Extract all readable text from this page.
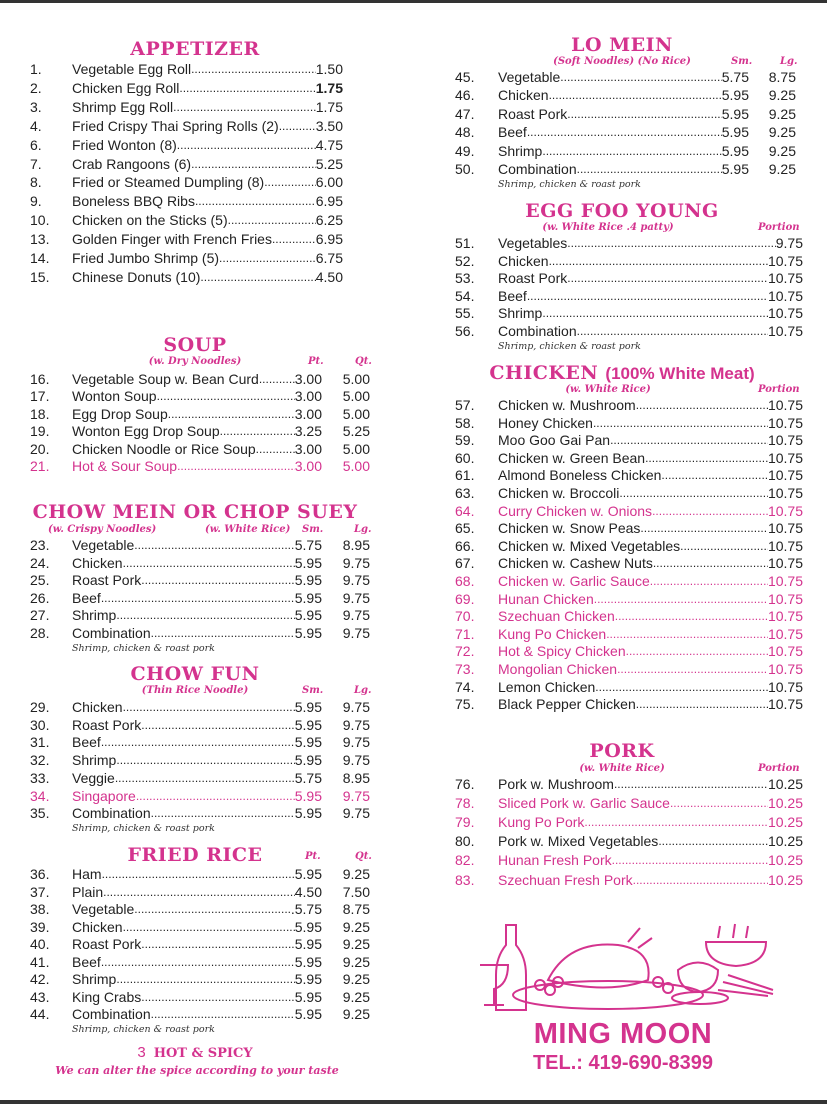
APPETIZER
1.	Vegetable Egg Roll .....	1.50
2.	Chicken Egg Roll .....	1.75
3.	Shrimp Egg Roll .....	1.75
4.	Fried Crispy Thai Spring Rolls (2) .....	3.50
6.	Fried Wonton (8) .....	4.75
7.	Crab Rangoons (6) .....	5.25
8.	Fried or Steamed Dumpling (8) .....	6.00
9.	Boneless BBQ Ribs .....	6.95
10.	Chicken on the Sticks (5) .....	6.25
13.	Golden Finger with French Fries .....	6.95
14.	Fried Jumbo Shrimp (5) .....	6.75
15.	Chinese Donuts (10) .....	4.50
SOUP
(w. Dry Noodles)	Pt.	Qt.
16.	Vegetable Soup w. Bean Curd .....	3.00	5.00
17.	Wonton Soup .....	3.00	5.00
18.	Egg Drop Soup .....	3.00	5.00
19.	Wonton Egg Drop Soup .....	3.25	5.25
20.	Chicken Noodle or Rice Soup .....	3.00	5.00
21.	Hot & Sour Soup .....	3.00	5.00
CHOW MEIN OR CHOP SUEY
(w. Crispy Noodles)	(w. White Rice) Sm.	Lg.
23.	Vegetable .....	5.75	8.95
24.	Chicken .....	5.95	9.75
25.	Roast Pork .....	5.95	9.75
26.	Beef .....	5.95	9.75
27.	Shrimp .....	5.95	9.75
28.	Combination .....	5.95	9.75
Shrimp, chicken & roast pork
CHOW FUN
(Thin Rice Noodle)	Sm.	Lg.
29.	Chicken .....	5.95	9.75
30.	Roast Pork .....	5.95	9.75
31.	Beef .....	5.95	9.75
32.	Shrimp .....	5.95	9.75
33.	Veggie .....	5.75	8.95
34.	Singapore .....	5.95	9.75
35.	Combination .....	5.95	9.75
Shrimp, chicken & roast pork
FRIED RICE	Pt.	Qt.
36.	Ham .....	5.95	9.25
37.	Plain .....	4.50	7.50
38.	Vegetable .....	.5.75	8.75
39.	Chicken .....	5.95	9.25
40.	Roast Pork .....	5.95	9.25
41.	Beef .....	5.95	9.25
42.	Shrimp .....	5.95	9.25
43.	King Crabs .....	5.95	9.25
44.	Combination .....	5.95	9.25
Shrimp, chicken & roast pork
LO MEIN
(Soft Noodles) (No Rice)	Sm.	Lg.
45.	Vegetable .....	5.75	8.75
46.	Chicken .....	5.95	9.25
47.	Roast Pork .....	5.95	9.25
48.	Beef .....	5.95	9.25
49.	Shrimp .....	5.95	9.25
50.	Combination .....	5.95	9.25
Shrimp, chicken & roast pork
EGG FOO YOUNG
(w. White Rice .4 patty)	Portion
51.	Vegetables .....	9.75
52.	Chicken .....	10.75
53.	Roast Pork .....	10.75
54.	Beef .....	10.75
55.	Shrimp .....	10.75
56.	Combination .....	10.75
Shrimp, chicken & roast pork
CHICKEN (100% White Meat)
(w. White Rice)	Portion
57.	Chicken w. Mushroom .....	10.75
58.	Honey Chicken .....	10.75
59.	Moo Goo Gai Pan .....	10.75
60.	Chicken w. Green Bean .....	10.75
61.	Almond Boneless Chicken .....	10.75
63.	Chicken w. Broccoli .....	10.75
64.	Curry Chicken w. Onions .....	10.75
65.	Chicken w. Snow Peas .....	10.75
66.	Chicken w. Mixed Vegetables .....	10.75
67.	Chicken w. Cashew Nuts .....	10.75
68.	Chicken w. Garlic Sauce .....	10.75
69.	Hunan Chicken .....	10.75
70.	Szechuan Chicken .....	10.75
71.	Kung Po Chicken .....	10.75
72.	Hot & Spicy Chicken .....	10.75
73.	Mongolian Chicken .....	10.75
74.	Lemon Chicken .....	10.75
75.	Black Pepper Chicken .....	10.75
PORK
(w. White Rice)	Portion
76.	Pork w. Mushroom .....	10.25
78.	Sliced Pork w. Garlic Sauce .....	10.25
79.	Kung Po Pork .....	10.25
80.	Pork w. Mixed Vegetables .....	10.25
82.	Hunan Fresh Pork .....	10.25
83.	Szechuan Fresh Pork .....	10.25
3 HOT & SPICY
We can alter the spice according to your taste
MING MOON
TEL.: 419-690-8399
